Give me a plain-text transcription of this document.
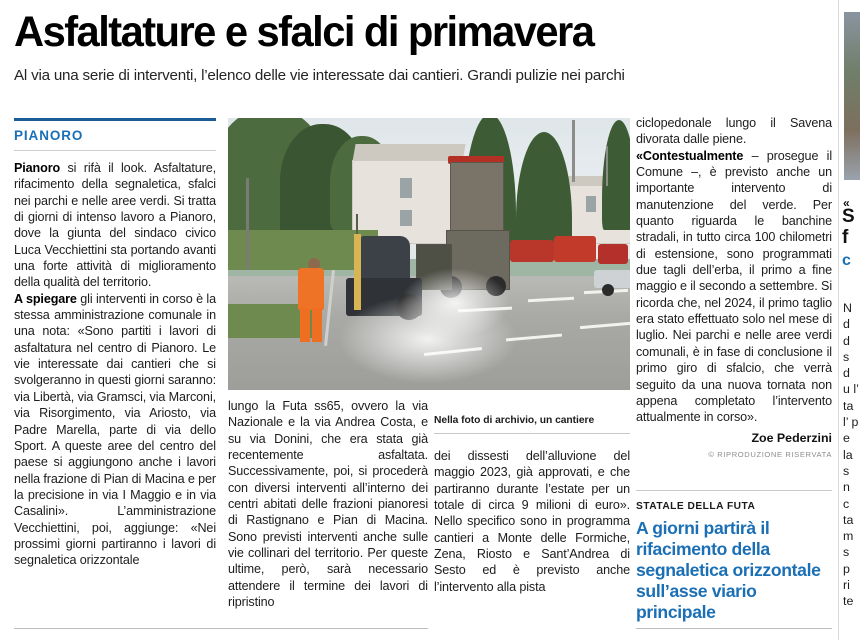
Asfaltature e sfalci di primavera

Al via una serie di interventi, l’elenco delle vie interessate dai cantieri. Grandi pulizie nei parchi

PIANORO

Pianoro si rifà il look. Asfaltature, rifacimento della segnaletica, sfalci nei parchi e nelle aree verdi. Si tratta di giorni di intenso lavoro a Pianoro, dove la giunta del sindaco civico Luca Vecchiettini sta portando avanti una forte attività di miglioramento della qualità del territorio.

A spiegare gli interventi in corso è la stessa amministrazione comunale in una nota: «Sono partiti i lavori di asfaltatura nel centro di Pianoro. Le vie interessate dai cantieri che si svolgeranno in questi giorni saranno: via Libertà, via Gramsci, via Marconi, via Risorgimento, via Ariosto, via Padre Marella, parte di via dello Sport. A queste aree del centro del paese si aggiungono anche i lavori nella frazione di Pian di Macina e per la precisione in via I Maggio e in via Casalini». L’amministrazione Vecchiettini, poi, aggiunge: «Nei prossimi giorni partiranno i lavori di segnaletica orizzontale

lungo la Futa ss65, ovvero la via Nazionale e la via Andrea Costa, e su via Donini, che era stata già recentemente asfaltata. Successivamente, poi, si procederà con diversi interventi all’interno dei centri abitati delle frazioni pianoresi di Rastignano e Pian di Macina. Sono previsti interventi anche sulle vie collinari del territorio. Per queste ultime, però, sarà necessario attendere il termine dei lavori di ripristino

Nella foto di archivio, un cantiere

dei dissesti dell’alluvione del maggio 2023, già approvati, e che partiranno durante l’estate per un totale di circa 9 milioni di euro». Nello specifico sono in programma cantieri a Monte delle Formiche, Zena, Riosto e Sant’Andrea di Sesto ed è previsto anche l’intervento alla pista

ciclopedonale lungo il Savena divorata dalle piene.

«Contestualmente – prosegue il Comune –, è previsto anche un importante intervento di manutenzione del verde. Per quanto riguarda le banchine stradali, in tutto circa 100 chilometri di estensione, sono programmati due tagli dell’erba, il primo a fine maggio e il secondo a settembre. Si ricorda che, nel 2024, il primo taglio era stato effettuato solo nel mese di luglio. Nei parchi e nelle aree verdi comunali, è in fase di conclusione il primo giro di sfalcio, che verrà seguito da una nuova tornata non appena completato l’intervento attualmente in corso».

Zoe Pederzini

© RIPRODUZIONE RISERVATA

STATALE DELLA FUTA

A giorni partirà il rifacimento della segnaletica orizzontale sull’asse viario principale

«
S
f
c
N d d s d u l’ ta l’ p e la s n c ta m s p ri te
